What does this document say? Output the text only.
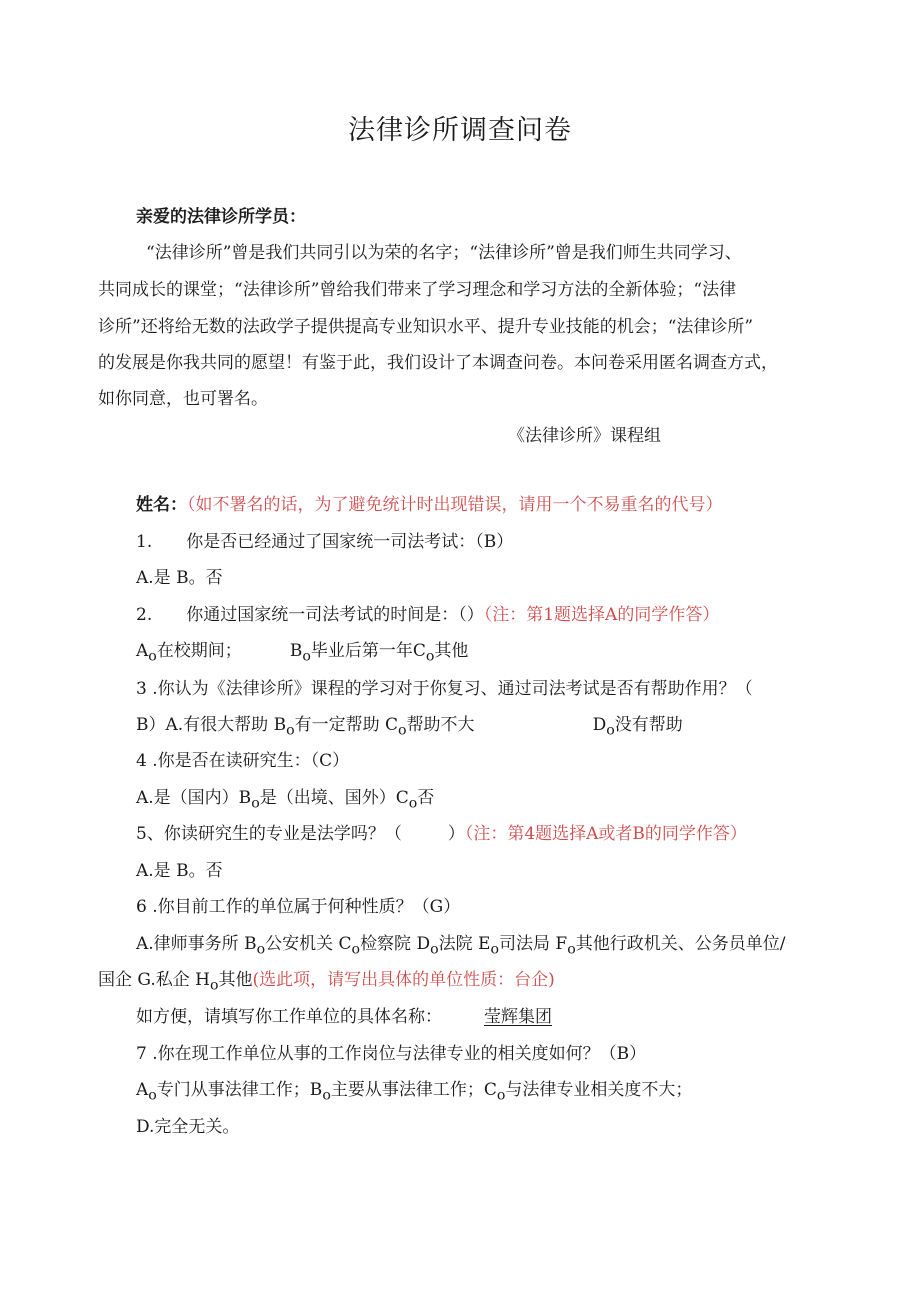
法律诊所调查问卷
亲爱的法律诊所学员：
“法律诊所”曾是我们共同引以为荣的名字；“法律诊所”曾是我们师生共同学习、
共同成长的课堂；“法律诊所”曾给我们带来了学习理念和学习方法的全新体验；“法律
诊所”还将给无数的法政学子提供提高专业知识水平、提升专业技能的机会；“法律诊所”
的发展是你我共同的愿望！有鉴于此，我们设计了本调查问卷。本问卷采用匿名调查方式，
如你同意，也可署名。
《法律诊所》课程组
姓名：（如不署名的话，为了避免统计时出现错误，请用一个不易重名的代号）
1. 你是否已经通过了国家统一司法考试：（B）
A.是 B。否
2. 你通过国家统一司法考试的时间是：（）（注：第1题选择A的同学作答）
$A_o$在校期间；	$B_o$毕业后第一年$C_o$其他
3 .你认为《法律诊所》课程的学习对于你复习、通过司法考试是否有帮助作用？（
B）A.有很大帮助 $B_o$有一定帮助 $C_o$帮助不大	$D_o$没有帮助
4 .你是否在读研究生：（C）
A.是（国内）$B_o$是（出境、国外）$C_o$否
5、你读研究生的专业是法学吗？（	）（注：第4题选择A或者B的同学作答）
A.是 B。否
6 .你目前工作的单位属于何种性质？（G）
A.律师事务所 $B_o$公安机关 $C_o$检察院 $D_o$法院 $E_o$司法局 $F_o$其他行政机关、公务员单位/
国企 G.私企 $H_o$其他(选此项，请写出具体的单位性质：台企)
如方便，请填写你工作单位的具体名称： 莹辉集团
7 .你在现工作单位从事的工作岗位与法律专业的相关度如何？（B）
$A_o$专门从事法律工作；$B_o$主要从事法律工作；$C_o$与法律专业相关度不大；
D.完全无关。
